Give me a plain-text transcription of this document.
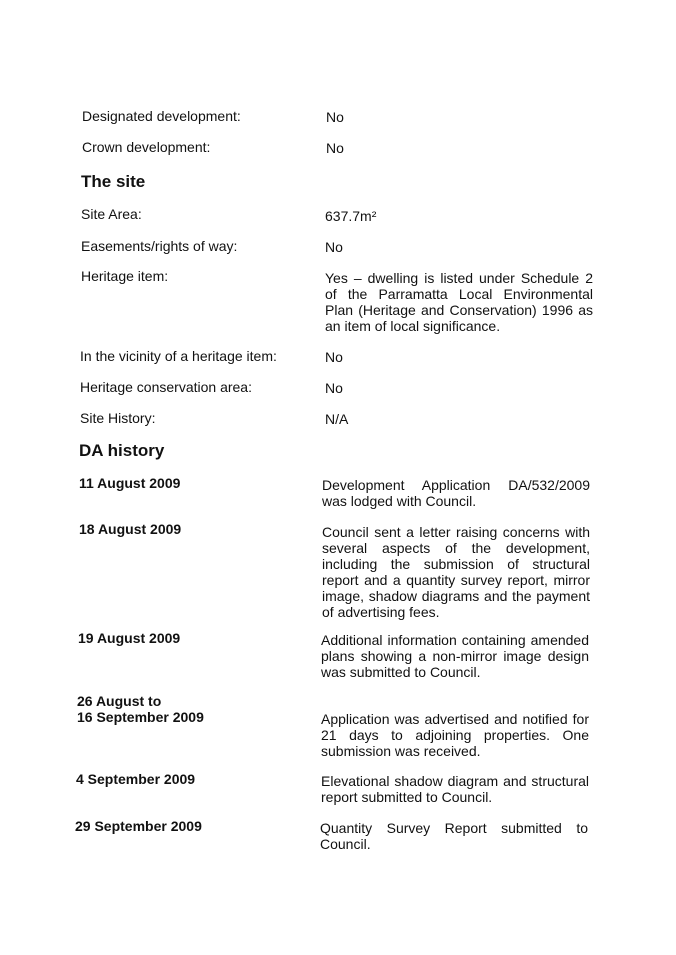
Designated development:	No
Crown development:	No
The site
Site Area:	637.7m²
Easements/rights of way:	No
Heritage item:	Yes – dwelling is listed under Schedule 2 of the Parramatta Local Environmental Plan (Heritage and Conservation) 1996 as an item of local significance.
In the vicinity of a heritage item:	No
Heritage conservation area:	No
Site History:	N/A
DA history
11 August 2009	Development Application DA/532/2009 was lodged with Council.
18 August 2009	Council sent a letter raising concerns with several aspects of the development, including the submission of structural report and a quantity survey report, mirror image, shadow diagrams and the payment of advertising fees.
19 August 2009	Additional information containing amended plans showing a non-mirror image design was submitted to Council.
26 August to
16 September 2009	Application was advertised and notified for 21 days to adjoining properties. One submission was received.
4 September 2009	Elevational shadow diagram and structural report submitted to Council.
29 September 2009	Quantity Survey Report submitted to Council.
